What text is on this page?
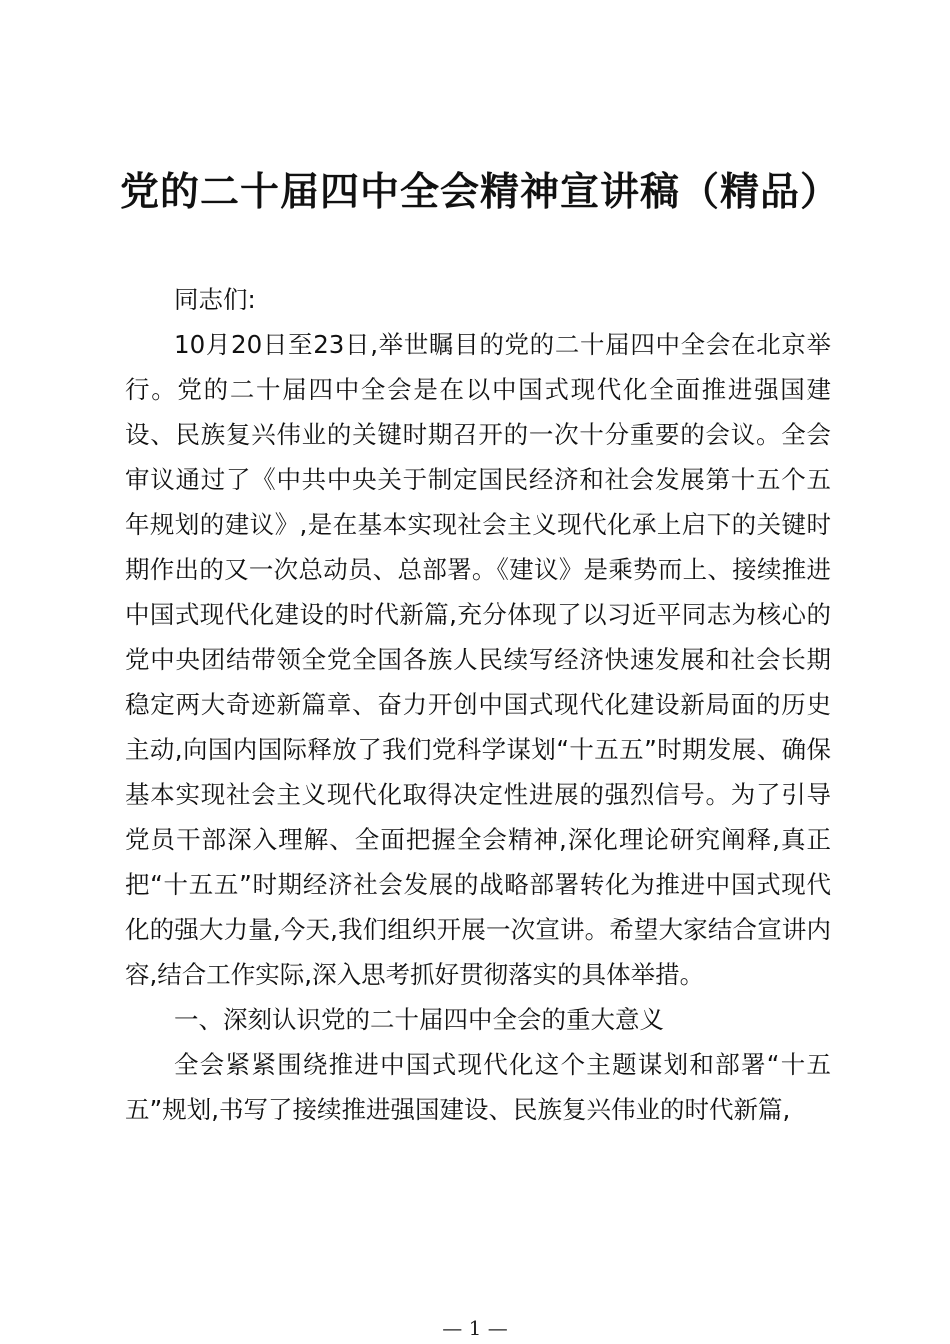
党的二十届四中全会精神宣讲稿（精品）

同志们:

10月20日至23日,举世瞩目的党的二十届四中全会在北京举行。党的二十届四中全会是在以中国式现代化全面推进强国建设、民族复兴伟业的关键时期召开的一次十分重要的会议。全会审议通过了《中共中央关于制定国民经济和社会发展第十五个五年规划的建议》,是在基本实现社会主义现代化承上启下的关键时期作出的又一次总动员、总部署。《建议》是乘势而上、接续推进中国式现代化建设的时代新篇,充分体现了以习近平同志为核心的党中央团结带领全党全国各族人民续写经济快速发展和社会长期稳定两大奇迹新篇章、奋力开创中国式现代化建设新局面的历史主动,向国内国际释放了我们党科学谋划“十五五”时期发展、确保基本实现社会主义现代化取得决定性进展的强烈信号。为了引导党员干部深入理解、全面把握全会精神,深化理论研究阐释,真正把“十五五”时期经济社会发展的战略部署转化为推进中国式现代化的强大力量,今天,我们组织开展一次宣讲。希望大家结合宣讲内容,结合工作实际,深入思考抓好贯彻落实的具体举措。

一、深刻认识党的二十届四中全会的重大意义

全会紧紧围绕推进中国式现代化这个主题谋划和部署“十五五”规划,书写了接续推进强国建设、民族复兴伟业的时代新篇,

— 1 —
